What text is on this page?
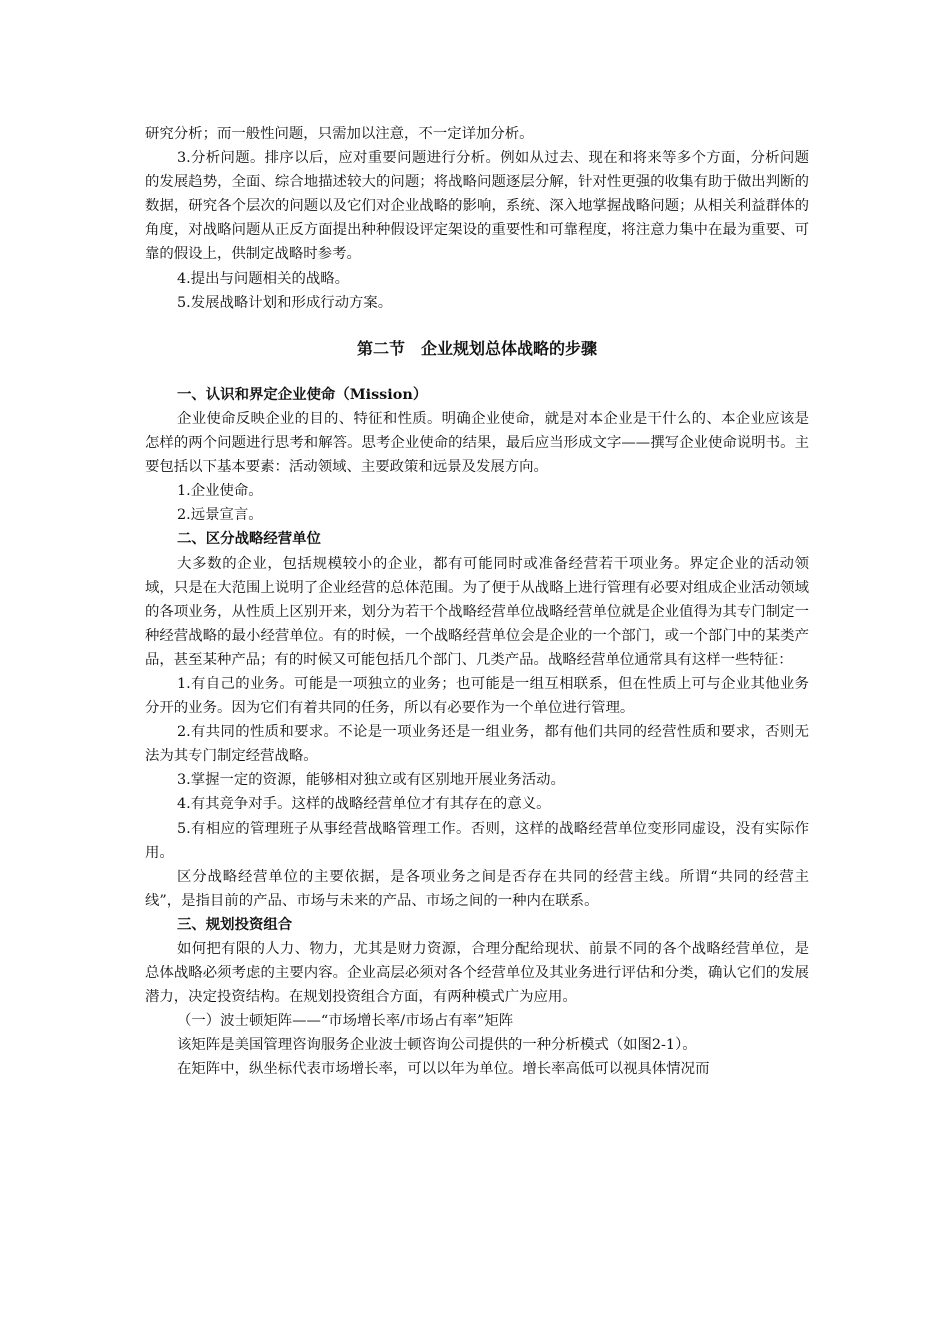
研究分析；而一般性问题，只需加以注意，不一定详加分析。

3.分析问题。排序以后，应对重要问题进行分析。例如从过去、现在和将来等多个方面，分析问题的发展趋势，全面、综合地描述较大的问题；将战略问题逐层分解，针对性更强的收集有助于做出判断的数据，研究各个层次的问题以及它们对企业战略的影响，系统、深入地掌握战略问题；从相关利益群体的角度，对战略问题从正反方面提出种种假设评定架设的重要性和可靠程度，将注意力集中在最为重要、可靠的假设上，供制定战略时参考。

4.提出与问题相关的战略。

5.发展战略计划和形成行动方案。

第二节　企业规划总体战略的步骤

一、认识和界定企业使命（Mission）

企业使命反映企业的目的、特征和性质。明确企业使命，就是对本企业是干什么的、本企业应该是怎样的两个问题进行思考和解答。思考企业使命的结果，最后应当形成文字——撰写企业使命说明书。主要包括以下基本要素：活动领域、主要政策和远景及发展方向。

1.企业使命。

2.远景宣言。

二、区分战略经营单位

大多数的企业，包括规模较小的企业，都有可能同时或准备经营若干项业务。界定企业的活动领域，只是在大范围上说明了企业经营的总体范围。为了便于从战略上进行管理有必要对组成企业活动领域的各项业务，从性质上区别开来，划分为若干个战略经营单位战略经营单位就是企业值得为其专门制定一种经营战略的最小经营单位。有的时候，一个战略经营单位会是企业的一个部门，或一个部门中的某类产品，甚至某种产品；有的时候又可能包括几个部门、几类产品。战略经营单位通常具有这样一些特征：

1.有自己的业务。可能是一项独立的业务；也可能是一组互相联系，但在性质上可与企业其他业务分开的业务。因为它们有着共同的任务，所以有必要作为一个单位进行管理。

2.有共同的性质和要求。不论是一项业务还是一组业务，都有他们共同的经营性质和要求，否则无法为其专门制定经营战略。

3.掌握一定的资源，能够相对独立或有区别地开展业务活动。

4.有其竞争对手。这样的战略经营单位才有其存在的意义。

5.有相应的管理班子从事经营战略管理工作。否则，这样的战略经营单位变形同虚设，没有实际作用。

区分战略经营单位的主要依据，是各项业务之间是否存在共同的经营主线。所谓“共同的经营主线”，是指目前的产品、市场与未来的产品、市场之间的一种内在联系。

三、规划投资组合

如何把有限的人力、物力，尤其是财力资源，合理分配给现状、前景不同的各个战略经营单位，是总体战略必须考虑的主要内容。企业高层必须对各个经营单位及其业务进行评估和分类，确认它们的发展潜力，决定投资结构。在规划投资组合方面，有两种模式广为应用。

（一）波士顿矩阵——“市场增长率/市场占有率”矩阵

该矩阵是美国管理咨询服务企业波士顿咨询公司提供的一种分析模式（如图2-1）。

在矩阵中，纵坐标代表市场增长率，可以以年为单位。增长率高低可以视具体情况而
